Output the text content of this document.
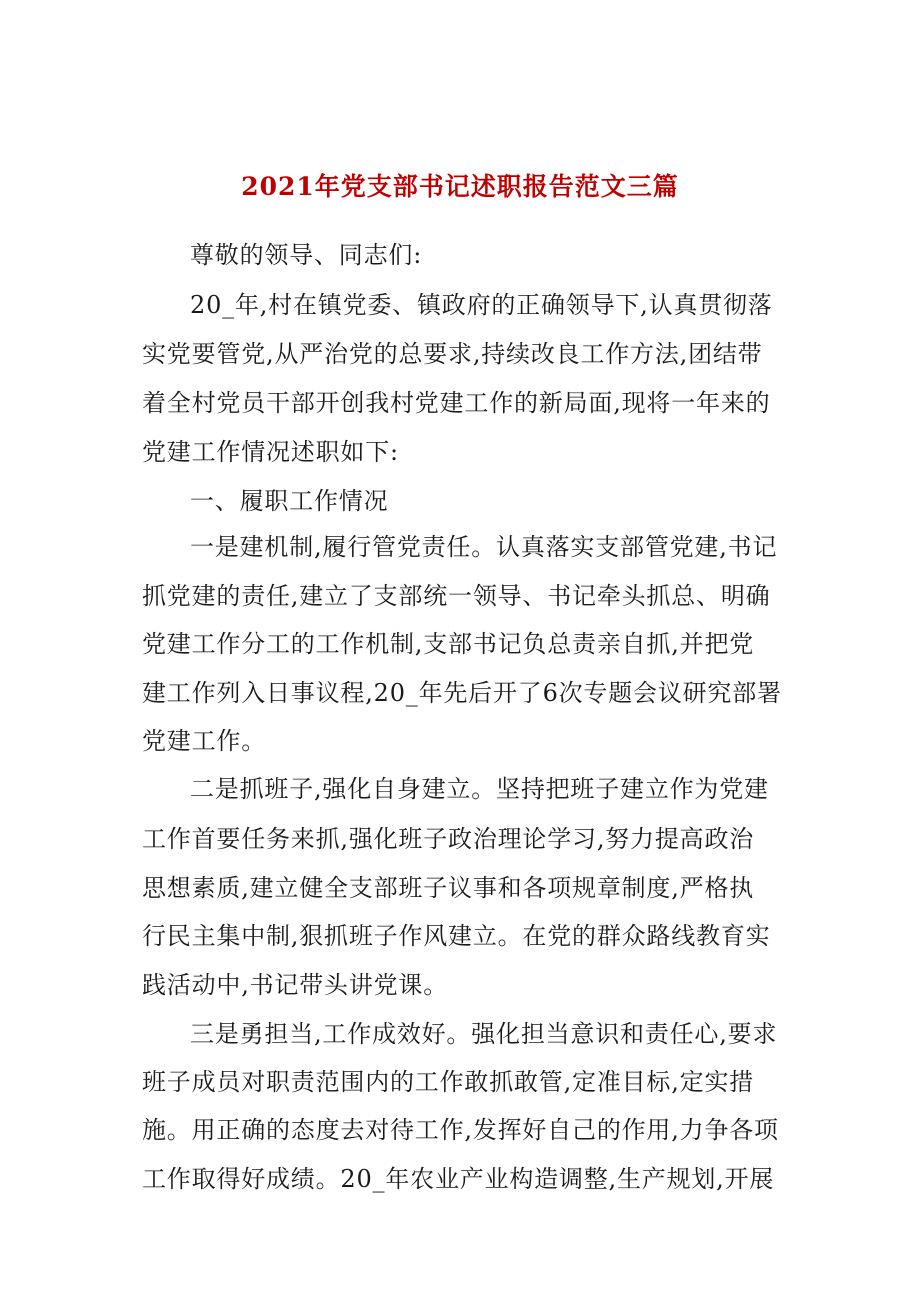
2021年党支部书记述职报告范文三篇
尊敬的领导、同志们:
20_年,村在镇党委、镇政府的正确领导下,认真贯彻落
实党要管党,从严治党的总要求,持续改良工作方法,团结带
着全村党员干部开创我村党建工作的新局面,现将一年来的
党建工作情况述职如下:
一、履职工作情况
一是建机制,履行管党责任。认真落实支部管党建,书记
抓党建的责任,建立了支部统一领导、书记牵头抓总、明确
党建工作分工的工作机制,支部书记负总责亲自抓,并把党
建工作列入日事议程,20_年先后开了6次专题会议研究部署
党建工作。
二是抓班子,强化自身建立。坚持把班子建立作为党建
工作首要任务来抓,强化班子政治理论学习,努力提高政治
思想素质,建立健全支部班子议事和各项规章制度,严格执
行民主集中制,狠抓班子作风建立。在党的群众路线教育实
践活动中,书记带头讲党课。
三是勇担当,工作成效好。强化担当意识和责任心,要求
班子成员对职责范围内的工作敢抓敢管,定准目标,定实措
施。用正确的态度去对待工作,发挥好自己的作用,力争各项
工作取得好成绩。20_年农业产业构造调整,生产规划,开展
